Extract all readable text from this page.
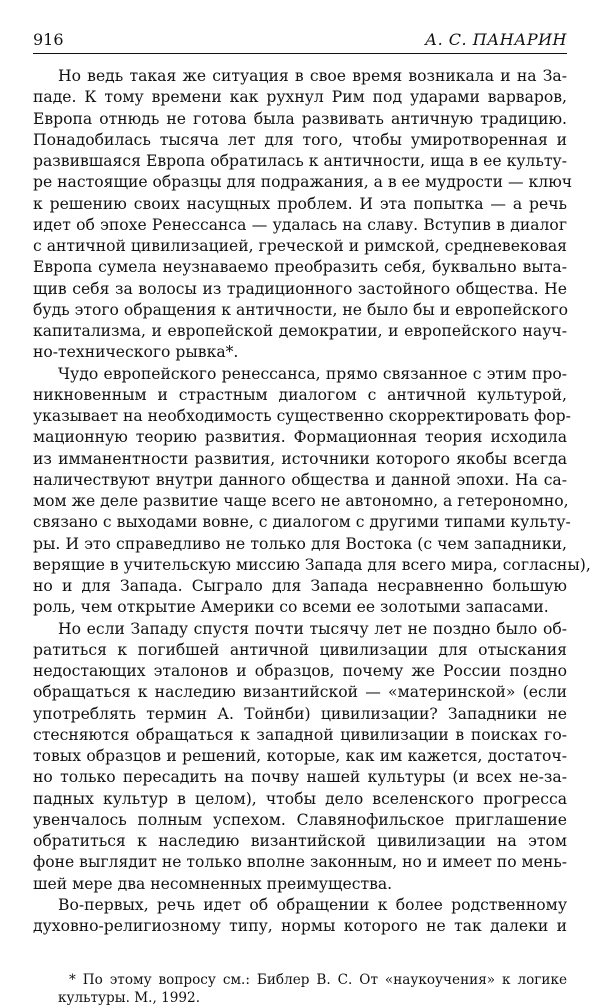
916	А. С. ПАНАРИН
Но ведь такая же ситуация в свое время возникала и на За-
паде. К тому времени как рухнул Рим под ударами варваров,
Европа отнюдь не готова была развивать античную традицию.
Понадобилась тысяча лет для того, чтобы умиротворенная и
развившаяся Европа обратилась к античности, ища в ее культу-
ре настоящие образцы для подражания, а в ее мудрости — ключ
к решению своих насущных проблем. И эта попытка — а речь
идет об эпохе Ренессанса — удалась на славу. Вступив в диалог
с античной цивилизацией, греческой и римской, средневековая
Европа сумела неузнаваемо преобразить себя, буквально выта-
щив себя за волосы из традиционного застойного общества. Не
будь этого обращения к античности, не было бы и европейского
капитализма, и европейской демократии, и европейского науч-
но-технического рывка*.
Чудо европейского ренессанса, прямо связанное с этим про-
никновенным и страстным диалогом с античной культурой,
указывает на необходимость существенно скорректировать фор-
мационную теорию развития. Формационная теория исходила
из имманентности развития, источники которого якобы всегда
наличествуют внутри данного общества и данной эпохи. На са-
мом же деле развитие чаще всего не автономно, а гетерономно,
связано с выходами вовне, с диалогом с другими типами культу-
ры. И это справедливо не только для Востока (с чем западники,
верящие в учительскую миссию Запада для всего мира, согласны),
но и для Запада. Сыграло для Запада несравненно большую
роль, чем открытие Америки со всеми ее золотыми запасами.
Но если Западу спустя почти тысячу лет не поздно было об-
ратиться к погибшей античной цивилизации для отыскания
недостающих эталонов и образцов, почему же России поздно
обращаться к наследию византийской — «материнской» (если
употреблять термин А. Тойнби) цивилизации? Западники не
стесняются обращаться к западной цивилизации в поисках го-
товых образцов и решений, которые, как им кажется, достаточ-
но только пересадить на почву нашей культуры (и всех не-за-
падных культур в целом), чтобы дело вселенского прогресса
увенчалось полным успехом. Славянофильское приглашение
обратиться к наследию византийской цивилизации на этом
фоне выглядит не только вполне законным, но и имеет по мень-
шей мере два несомненных преимущества.
Во-первых, речь идет об обращении к более родственному
духовно-религиозному типу, нормы которого не так далеки и
* По этому вопросу см.: Библер В. С. От «наукоучения» к логике
культуры. М., 1992.
